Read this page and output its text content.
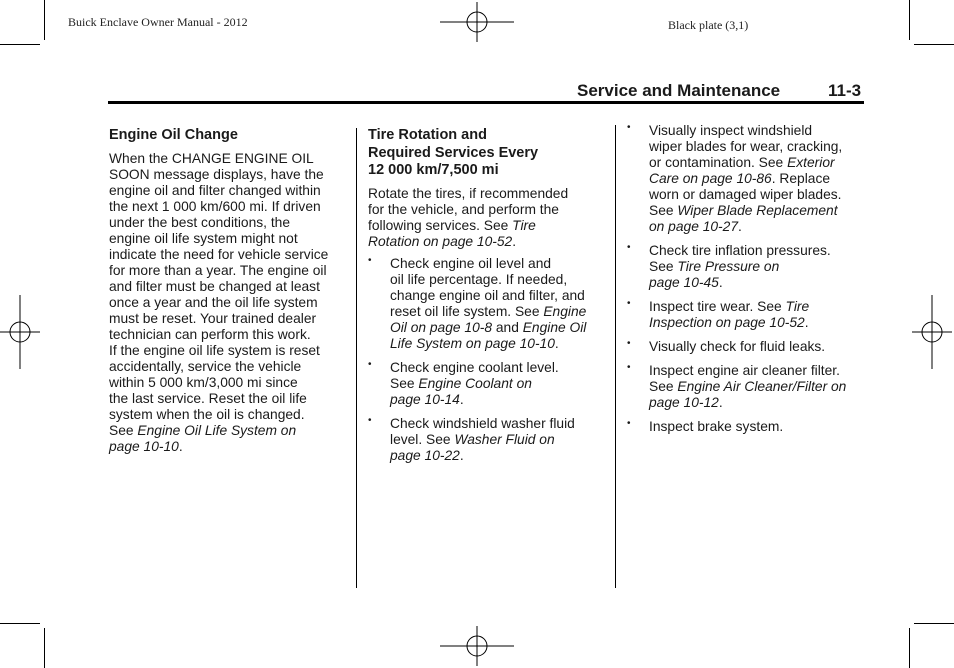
Buick Enclave Owner Manual - 2012	Black plate (3,1)
Service and Maintenance	11-3
Engine Oil Change
When the CHANGE ENGINE OIL
SOON message displays, have the
engine oil and filter changed within
the next 1 000 km/600 mi. If driven
under the best conditions, the
engine oil life system might not
indicate the need for vehicle service
for more than a year. The engine oil
and filter must be changed at least
once a year and the oil life system
must be reset. Your trained dealer
technician can perform this work.
If the engine oil life system is reset
accidentally, service the vehicle
within 5 000 km/3,000 mi since
the last service. Reset the oil life
system when the oil is changed.
See Engine Oil Life System on
page 10-10.
Tire Rotation and
Required Services Every
12 000 km/7,500 mi
Rotate the tires, if recommended
for the vehicle, and perform the
following services. See Tire
Rotation on page 10-52.
• Check engine oil level and
oil life percentage. If needed,
change engine oil and filter, and
reset oil life system. See Engine
Oil on page 10-8 and Engine Oil
Life System on page 10-10.
• Check engine coolant level.
See Engine Coolant on
page 10-14.
• Check windshield washer fluid
level. See Washer Fluid on
page 10-22.
• Visually inspect windshield
wiper blades for wear, cracking,
or contamination. See Exterior
Care on page 10-86. Replace
worn or damaged wiper blades.
See Wiper Blade Replacement
on page 10-27.
• Check tire inflation pressures.
See Tire Pressure on
page 10-45.
• Inspect tire wear. See Tire
Inspection on page 10-52.
• Visually check for fluid leaks.
• Inspect engine air cleaner filter.
See Engine Air Cleaner/Filter on
page 10-12.
• Inspect brake system.
